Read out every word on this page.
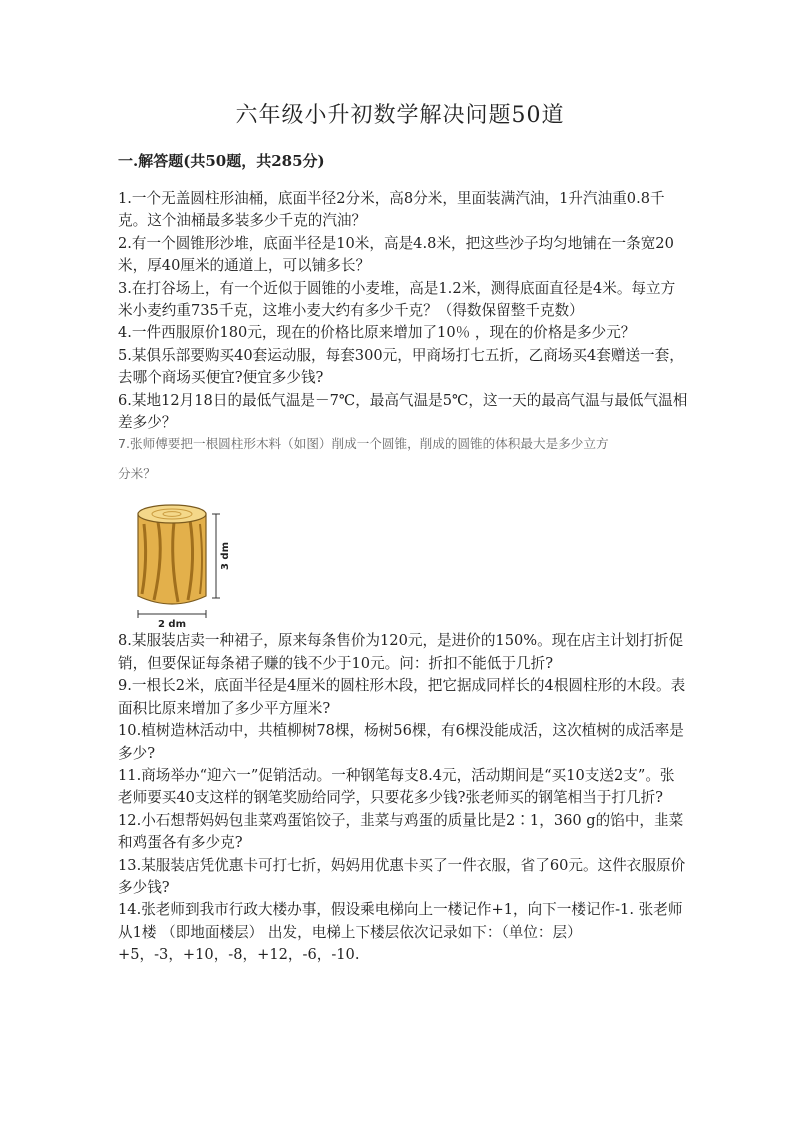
六年级小升初数学解决问题50道
一.解答题(共50题，共285分)

1.一个无盖圆柱形油桶，底面半径2分米，高8分米，里面装满汽油，1升汽油重0.8千克。这个油桶最多装多少千克的汽油？

2.有一个圆锥形沙堆，底面半径是10米，高是4.8米，把这些沙子均匀地铺在一条宽20米，厚40厘米的通道上，可以铺多长？

3.在打谷场上，有一个近似于圆锥的小麦堆，高是1.2米，测得底面直径是4米。每立方米小麦约重735千克，这堆小麦大约有多少千克？（得数保留整千克数）

4.一件西服原价180元，现在的价格比原来增加了10％ ，现在的价格是多少元？

5.某俱乐部要购买40套运动服，每套300元，甲商场打七五折，乙商场买4套赠送一套，去哪个商场买便宜?便宜多少钱?

6.某地12月18日的最低气温是－7℃，最高气温是5℃，这一天的最高气温与最低气温相差多少？

7.张师傅要把一根圆柱形木料（如图）削成一个圆锥，削成的圆锥的体积最大是多少立方
分米？
3 dm
2 dm

8.某服装店卖一种裙子，原来每条售价为120元，是进价的150%。现在店主计划打折促销，但要保证每条裙子赚的钱不少于10元。问：折扣不能低于几折?

9.一根长2米，底面半径是4厘米的圆柱形木段，把它据成同样长的4根圆柱形的木段。表面积比原来增加了多少平方厘米?

10.植树造林活动中，共植柳树78棵，杨树56棵，有6棵没能成活，这次植树的成活率是多少?

11.商场举办“迎六一”促销活动。一种钢笔每支8.4元，活动期间是“买10支送2支”。张老师要买40支这样的钢笔奖励给同学，只要花多少钱?张老师买的钢笔相当于打几折?

12.小石想帮妈妈包韭菜鸡蛋馅饺子，韭菜与鸡蛋的质量比是2∶1，360 g的馅中，韭菜和鸡蛋各有多少克?

13.某服装店凭优惠卡可打七折，妈妈用优惠卡买了一件衣服，省了60元。这件衣服原价多少钱?

14.张老师到我市行政大楼办事，假设乘电梯向上一楼记作+1，向下一楼记作-1. 张老师从1楼 （即地面楼层） 出发，电梯上下楼层依次记录如下：（单位：层）+5，-3，+10，-8，+12，-6，-10.
